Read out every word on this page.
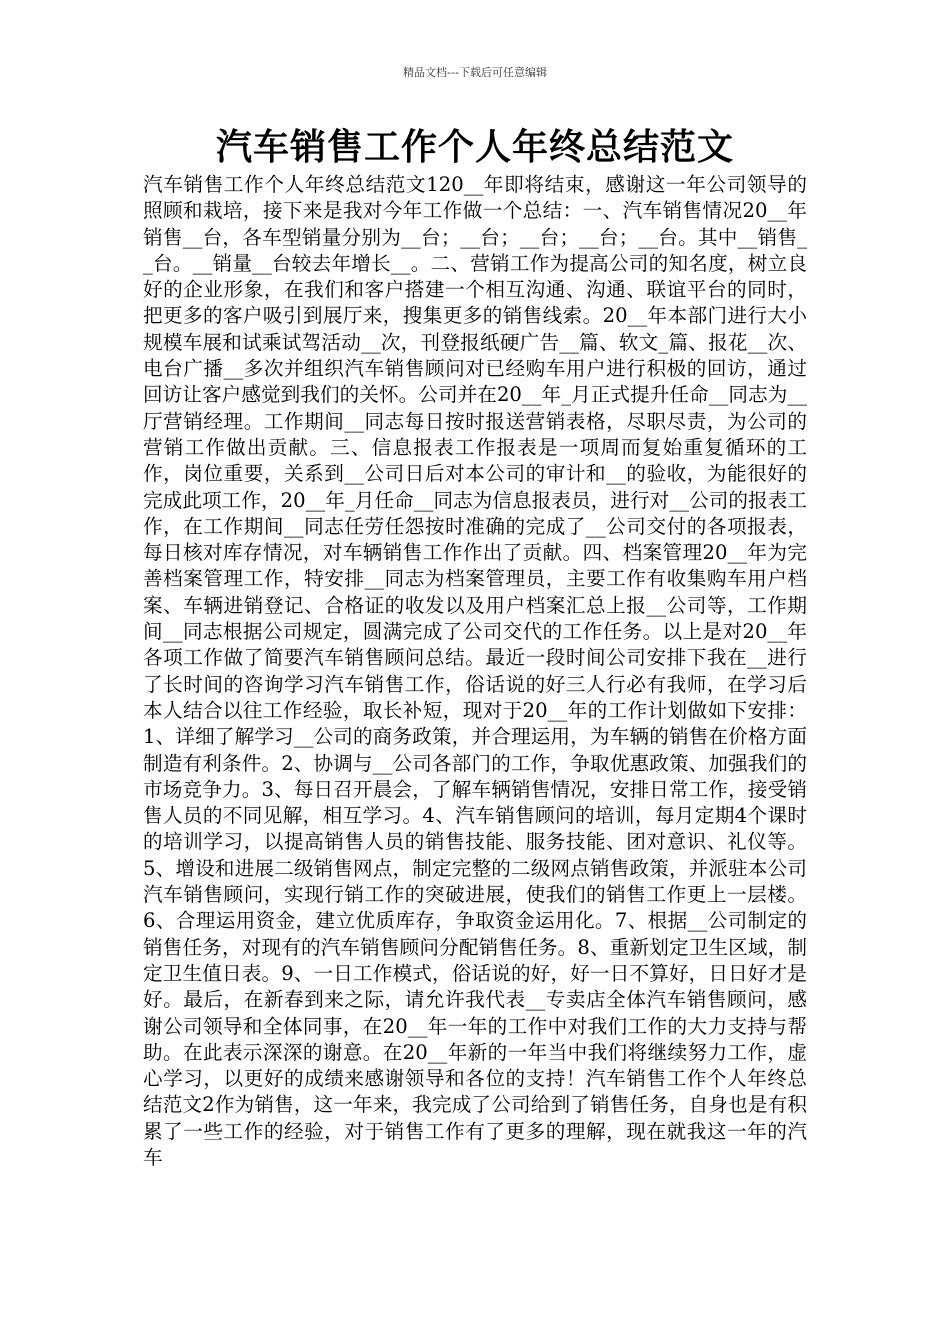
精品文档---下载后可任意编辑
汽车销售工作个人年终总结范文

汽车销售工作个人年终总结范文120__年即将结束，感谢这一年公司领导的照顾和栽培，接下来是我对今年工作做一个总结：一、汽车销售情况20__年销售__台，各车型销量分别为__台；__台；__台；__台；__台。其中__销售__台。__销量__台较去年增长__。二、营销工作为提高公司的知名度，树立良好的企业形象，在我们和客户搭建一个相互沟通、沟通、联谊平台的同时，把更多的客户吸引到展厅来，搜集更多的销售线索。20__年本部门进行大小规模车展和试乘试驾活动__次，刊登报纸硬广告__篇、软文_篇、报花__次、电台广播__多次并组织汽车销售顾问对已经购车用户进行积极的回访，通过回访让客户感觉到我们的关怀。公司并在20__年_月正式提升任命__同志为__厅营销经理。工作期间__同志每日按时报送营销表格，尽职尽责，为公司的营销工作做出贡献。三、信息报表工作报表是一项周而复始重复循环的工作，岗位重要，关系到__公司日后对本公司的审计和__的验收，为能很好的完成此项工作，20__年_月任命__同志为信息报表员，进行对__公司的报表工作，在工作期间__同志任劳任怨按时准确的完成了__公司交付的各项报表，每日核对库存情况，对车辆销售工作作出了贡献。四、档案管理20__年为完善档案管理工作，特安排__同志为档案管理员，主要工作有收集购车用户档案、车辆进销登记、合格证的收发以及用户档案汇总上报__公司等，工作期间__同志根据公司规定，圆满完成了公司交代的工作任务。以上是对20__年各项工作做了简要汽车销售顾问总结。最近一段时间公司安排下我在__进行了长时间的咨询学习汽车销售工作，俗话说的好三人行必有我师，在学习后本人结合以往工作经验，取长补短，现对于20__年的工作计划做如下安排：1、详细了解学习__公司的商务政策，并合理运用，为车辆的销售在价格方面制造有利条件。2、协调与__公司各部门的工作，争取优惠政策、加强我们的市场竞争力。3、每日召开晨会，了解车辆销售情况，安排日常工作，接受销售人员的不同见解，相互学习。4、汽车销售顾问的培训，每月定期4个课时的培训学习，以提高销售人员的销售技能、服务技能、团对意识、礼仪等。5、增设和进展二级销售网点，制定完整的二级网点销售政策，并派驻本公司汽车销售顾问，实现行销工作的突破进展，使我们的销售工作更上一层楼。6、合理运用资金，建立优质库存，争取资金运用化。7、根据__公司制定的销售任务，对现有的汽车销售顾问分配销售任务。8、重新划定卫生区域，制定卫生值日表。9、一日工作模式，俗话说的好，好一日不算好，日日好才是好。最后，在新春到来之际，请允许我代表__专卖店全体汽车销售顾问，感谢公司领导和全体同事，在20__年一年的工作中对我们工作的大力支持与帮助。在此表示深深的谢意。在20__年新的一年当中我们将继续努力工作，虚心学习，以更好的成绩来感谢领导和各位的支持！汽车销售工作个人年终总结范文2作为销售，这一年来，我完成了公司给到了销售任务，自身也是有积累了一些工作的经验，对于销售工作有了更多的理解，现在就我这一年的汽车
